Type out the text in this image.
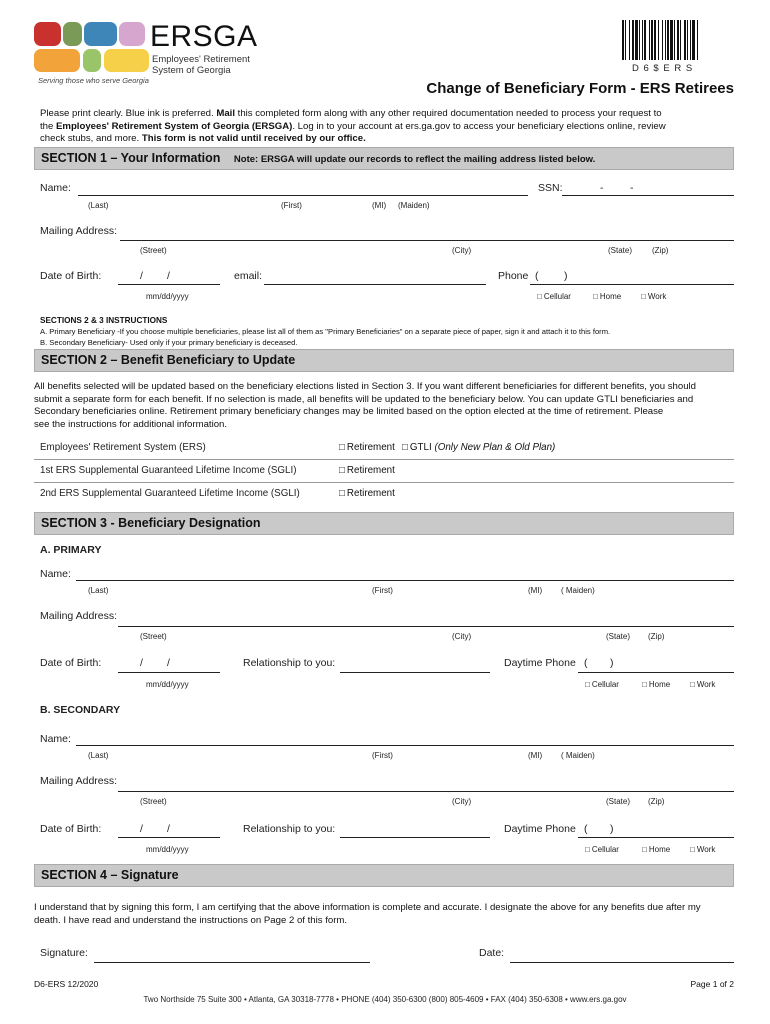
ERSGA
Employees' Retirement
System of Georgia
Serving those who serve Georgia
D 6 $ E R S
Change of Beneficiary Form - ERS Retirees
Please print clearly. Blue ink is preferred. Mail this completed form along with any other required documentation needed to process your request to
the Employees' Retirement System of Georgia (ERSGA). Log in to your account at ers.ga.gov to access your beneficiary elections online, review
check stubs, and more. This form is not valid until received by our office.
SECTION 1 – Your Information Note: ERSGA will update our records to reflect the mailing address listed below.
Name:	SSN:	-	-
(Last)	(First)	(MI) (Maiden)
Mailing Address:
(Street)	(City)	(State) (Zip)
Date of Birth:	/ /
mm/dd/yyyy
email:	Phone ( )
□ Cellular	□ Home	□ Work
SECTIONS 2 & 3 INSTRUCTIONS
A. Primary Beneficiary -If you choose multiple beneficiaries, please list all of them as "Primary Beneficiaries" on a separate piece of paper, sign it and attach it to this form.
B. Secondary Beneficiary- Used only if your primary beneficiary is deceased.
SECTION 2 – Benefit Beneficiary to Update
All benefits selected will be updated based on the beneficiary elections listed in Section 3. If you want different beneficiaries for different benefits, you should
submit a separate form for each benefit. If no selection is made, all benefits will be updated to the beneficiary below. You can update GTLI beneficiaries and
Secondary beneficiaries online. Retirement primary beneficiary changes may be limited based on the option elected at the time of retirement. Please
see the instructions for additional information.
Employees' Retirement System (ERS)	□ Retirement	□ GTLI (Only New Plan & Old Plan)
1st ERS Supplemental Guaranteed Lifetime Income (SGLI)	□ Retirement
2nd ERS Supplemental Guaranteed Lifetime Income (SGLI)	□ Retirement
SECTION 3 - Beneficiary Designation
A. PRIMARY
Name:
(Last)	(First)	(MI) ( Maiden)
Mailing Address:
(Street)	(City)	(State) (Zip)
Date of Birth:	/ /
mm/dd/yyyy
Relationship to you:	Daytime Phone ( )
□ Cellular	□ Home	□ Work
B. SECONDARY
Name:
(Last)	(First)	(MI) ( Maiden)
Mailing Address:
(Street)	(City)	(State) (Zip)
Date of Birth:	/ /
mm/dd/yyyy
Relationship to you:	Daytime Phone ( )
□ Cellular	□ Home	□ Work
SECTION 4 – Signature
I understand that by signing this form, I am certifying that the above information is complete and accurate. I designate the above for any benefits due after my
death. I have read and understand the instructions on Page 2 of this form.
Signature:	Date:
D6-ERS 12/2020	Page 1 of 2
Two Northside 75 Suite 300 • Atlanta, GA 30318-7778 • PHONE (404) 350-6300 (800) 805-4609 • FAX (404) 350-6308 • www.ers.ga.gov
